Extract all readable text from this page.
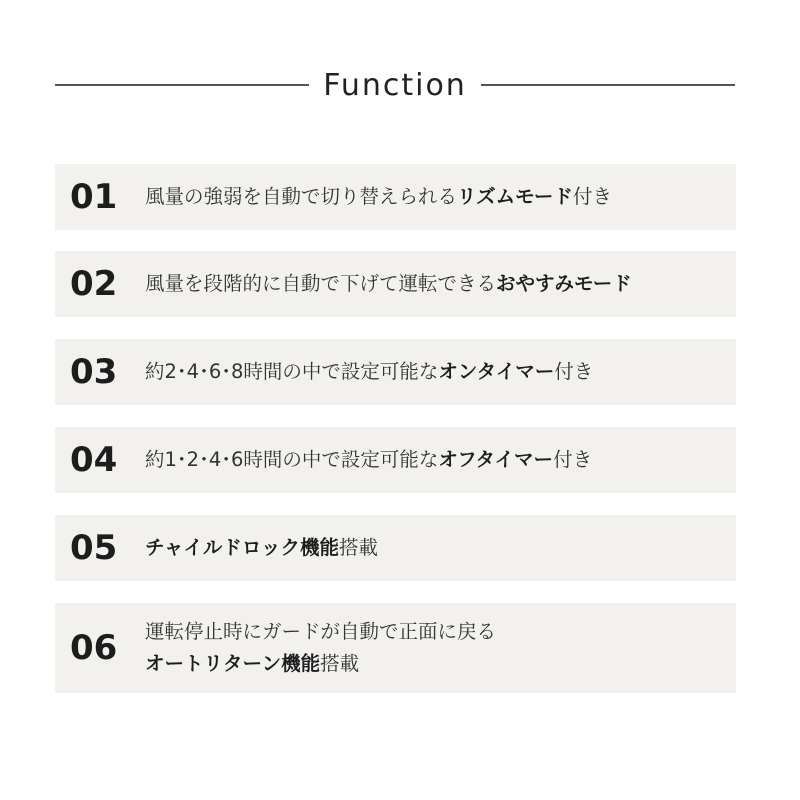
Function
01	風量の強弱を自動で切り替えられるリズムモード付き
02	風量を段階的に自動で下げて運転できるおやすみモード
03	約2･4･6･8時間の中で設定可能なオンタイマー付き
04	約1･2･4･6時間の中で設定可能なオフタイマー付き
05	チャイルドロック機能搭載
06	運転停止時にガードが自動で正面に戻る
オートリターン機能搭載
